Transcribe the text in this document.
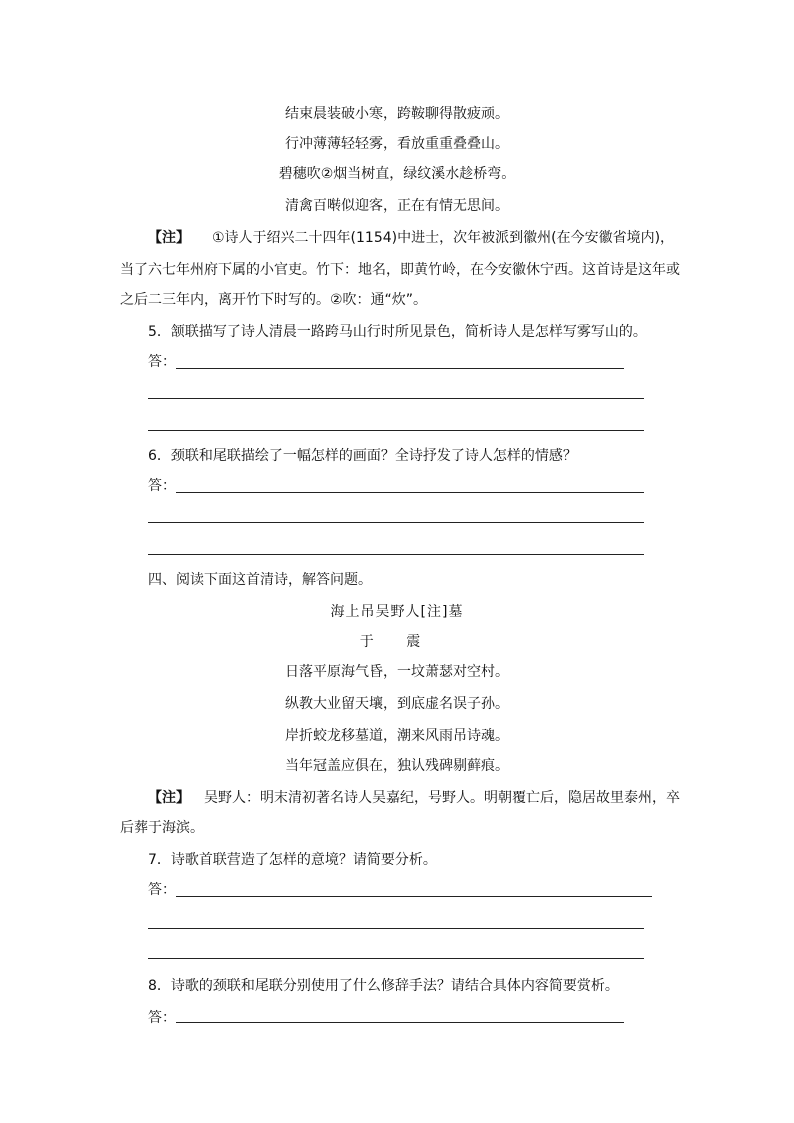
结束晨装破小寒，跨鞍聊得散疲顽。
行冲薄薄轻轻雾，看放重重叠叠山。
碧穗吹②烟当树直，绿纹溪水趁桥弯。
清禽百啭似迎客，正在有情无思间。
【注】 ①诗人于绍兴二十四年(1154)中进士，次年被派到徽州(在今安徽省境内)，
当了六七年州府下属的小官吏。竹下：地名，即黄竹岭，在今安徽休宁西。这首诗是这年或
之后二三年内，离开竹下时写的。②吹：通“炊”。
5．颔联描写了诗人清晨一路跨马山行时所见景色，简析诗人是怎样写雾写山的。
答：
6．颈联和尾联描绘了一幅怎样的画面？全诗抒发了诗人怎样的情感？
答：
四、阅读下面这首清诗，解答问题。
海上吊吴野人[注]墓
于 震
日落平原海气昏，一坟萧瑟对空村。
纵教大业留天壤，到底虚名误子孙。
岸折蛟龙移墓道，潮来风雨吊诗魂。
当年冠盖应俱在，独认残碑剔藓痕。
【注】 吴野人：明末清初著名诗人吴嘉纪，号野人。明朝覆亡后，隐居故里泰州，卒
后葬于海滨。
7．诗歌首联营造了怎样的意境？请简要分析。
答：
8．诗歌的颈联和尾联分别使用了什么修辞手法？请结合具体内容简要赏析。
答：
